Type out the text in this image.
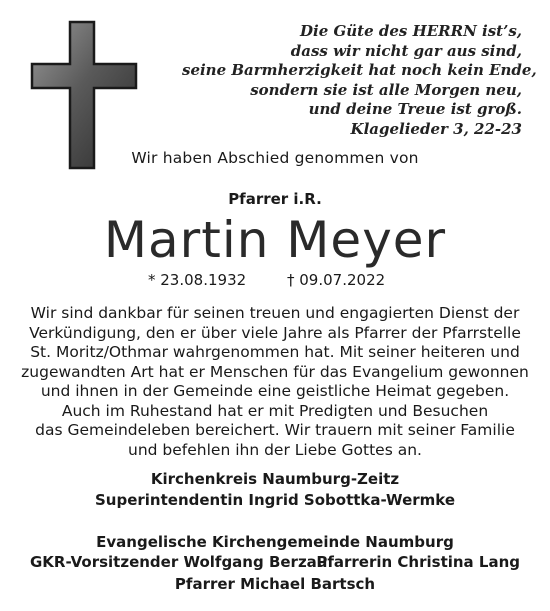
Die Güte des HERRN ist’s,
dass wir nicht gar aus sind,
seine Barmherzigkeit hat noch kein Ende,
sondern sie ist alle Morgen neu,
und deine Treue ist groß.
Klagelieder 3, 22-23
Wir haben Abschied genommen von
Pfarrer i.R.
Martin Meyer
* 23.08.1932	† 09.07.2022
Wir sind dankbar für seinen treuen und engagierten Dienst der
Verkündigung, den er über viele Jahre als Pfarrer der Pfarrstelle
St. Moritz/Othmar wahrgenommen hat. Mit seiner heiteren und
zugewandten Art hat er Menschen für das Evangelium gewonnen
und ihnen in der Gemeinde eine geistliche Heimat gegeben.
Auch im Ruhestand hat er mit Predigten und Besuchen
das Gemeindeleben bereichert. Wir trauern mit seiner Familie
und befehlen ihn der Liebe Gottes an.
Kirchenkreis Naumburg-Zeitz
Superintendentin Ingrid Sobottka-Wermke
Evangelische Kirchengemeinde Naumburg
GKR-Vorsitzender Wolfgang Berzau
Pfarrerin Christina Lang
Pfarrer Michael Bartsch
